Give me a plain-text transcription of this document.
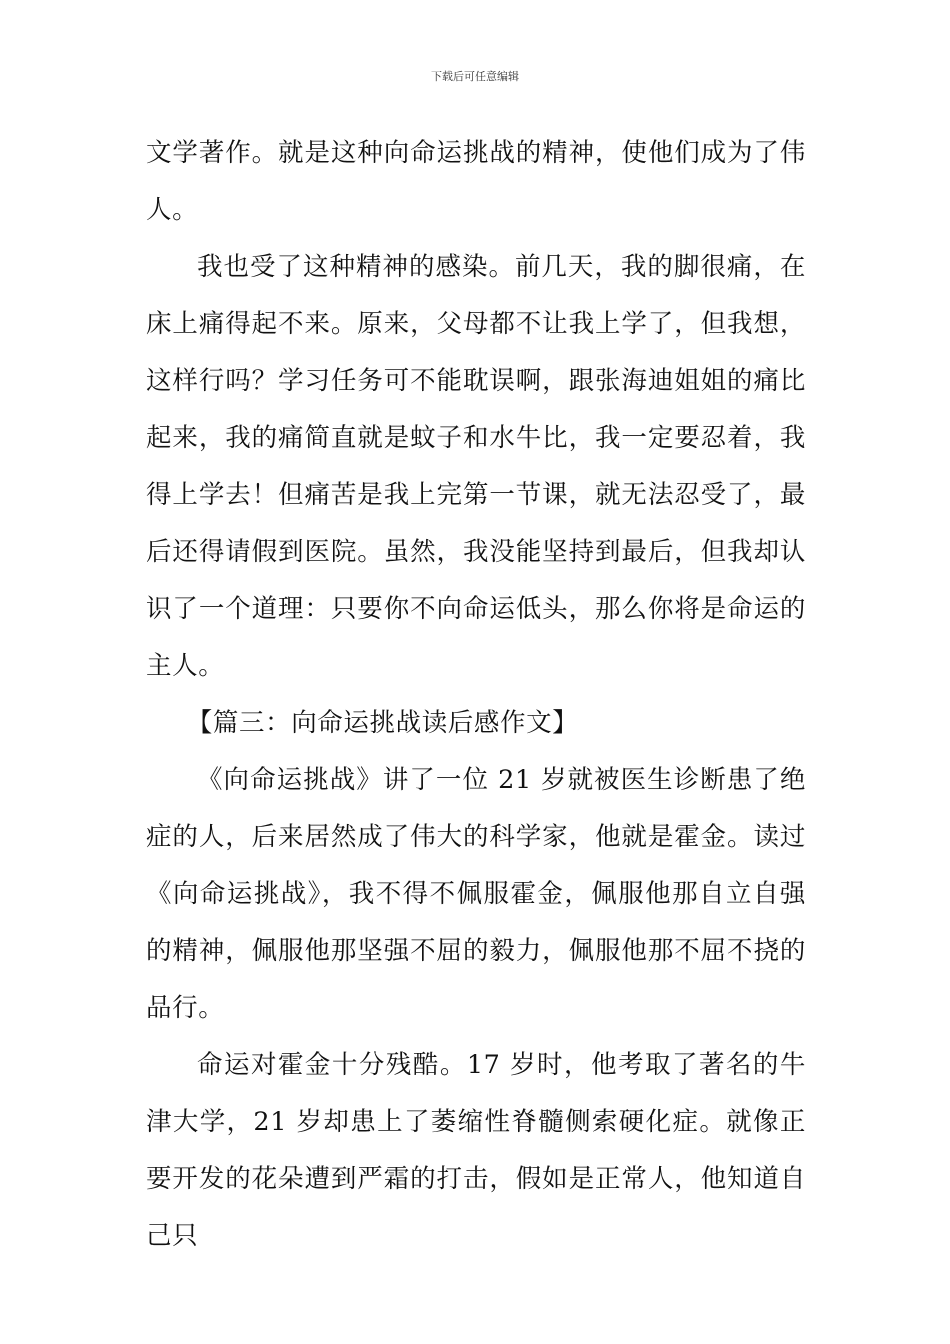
下载后可任意编辑

文学著作。就是这种向命运挑战的精神，使他们成为了伟人。

我也受了这种精神的感染。前几天，我的脚很痛，在床上痛得起不来。原来，父母都不让我上学了，但我想，这样行吗？学习任务可不能耽误啊，跟张海迪姐姐的痛比起来，我的痛简直就是蚊子和水牛比，我一定要忍着，我得上学去！但痛苦是我上完第一节课，就无法忍受了，最后还得请假到医院。虽然，我没能坚持到最后，但我却认识了一个道理：只要你不向命运低头，那么你将是命运的主人。

【篇三：向命运挑战读后感作文】

《向命运挑战》讲了一位 21 岁就被医生诊断患了绝症的人，后来居然成了伟大的科学家，他就是霍金。读过《向命运挑战》，我不得不佩服霍金，佩服他那自立自强的精神，佩服他那坚强不屈的毅力，佩服他那不屈不挠的品行。

命运对霍金十分残酷。17 岁时，他考取了著名的牛津大学，21 岁却患上了萎缩性脊髓侧索硬化症。就像正要开发的花朵遭到严霜的打击，假如是正常人，他知道自己只
